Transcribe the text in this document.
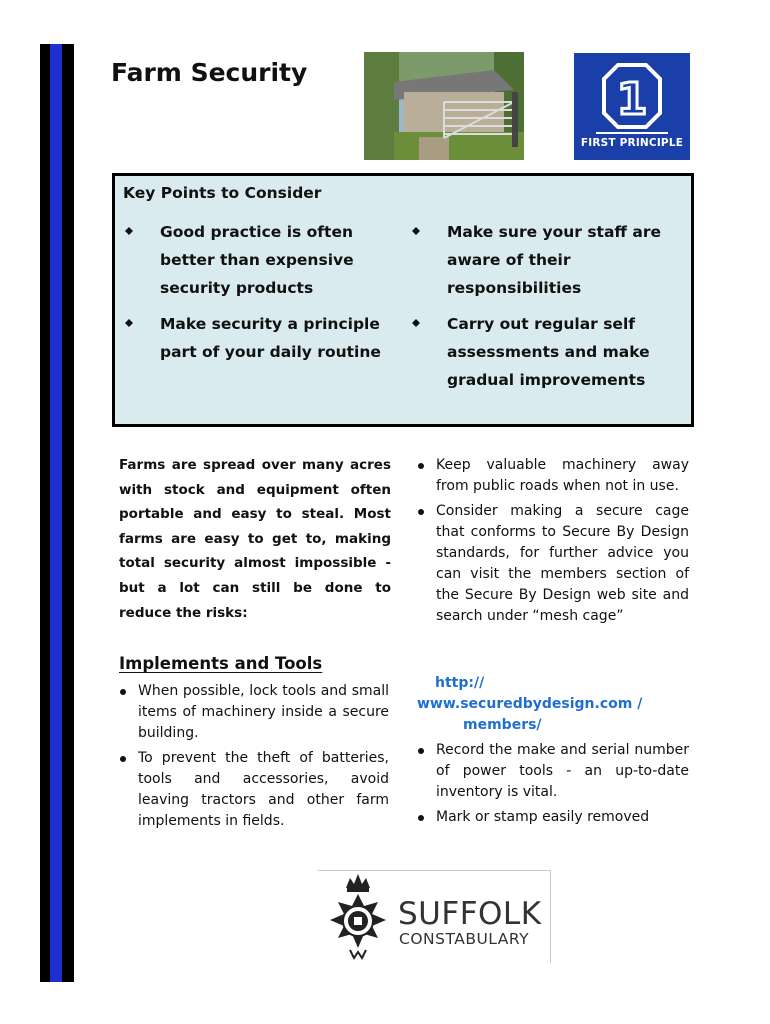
Farm Security
1
FIRST PRINCIPLE
Key Points to Consider
Good practice is often
better than expensive
security products
Make sure your staff are
aware of their
responsibilities
Make security a principle
part of your daily routine
Carry out regular self
assessments and make
gradual improvements

Farms are spread over many acres with stock and equipment often portable and easy to steal. Most farms are easy to get to, making total security almost impossible - but a lot can still be done to reduce the risks:

Implements and Tools
When possible, lock tools and small items of machinery inside a secure building.
To prevent the theft of batteries, tools and accessories, avoid leaving tractors and other farm implements in fields.
Keep valuable machinery away from public roads when not in use.
Consider making a secure cage that conforms to Secure By Design standards, for further advice you can visit the members section of the Secure By Design web site and search under “mesh cage”

http://
www.securedbydesign.com /
members/

Record the make and serial number of power tools - an up-to-date inventory is vital.
Mark or stamp easily removed
SUFFOLK
CONSTABULARY
